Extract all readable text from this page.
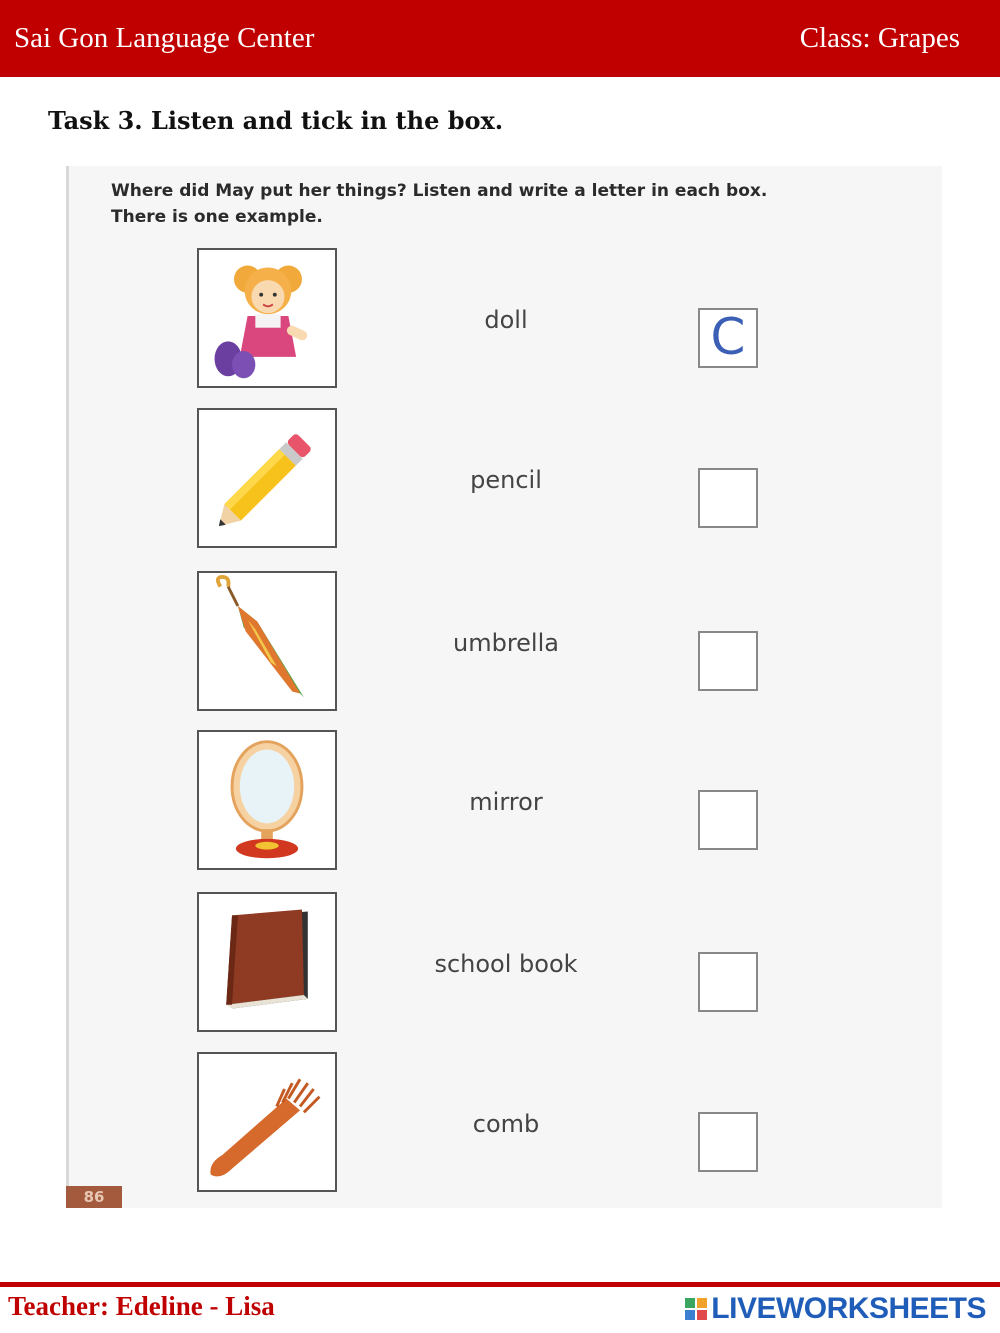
Sai Gon Language Center	Class: Grapes
Task 3. Listen and tick in the box.
Where did May put her things? Listen and write a letter in each box.
There is one example.
doll	C
pencil
umbrella
mirror
school book
comb
86
Teacher: Edeline - Lisa	LIVEWORKSHEETS
